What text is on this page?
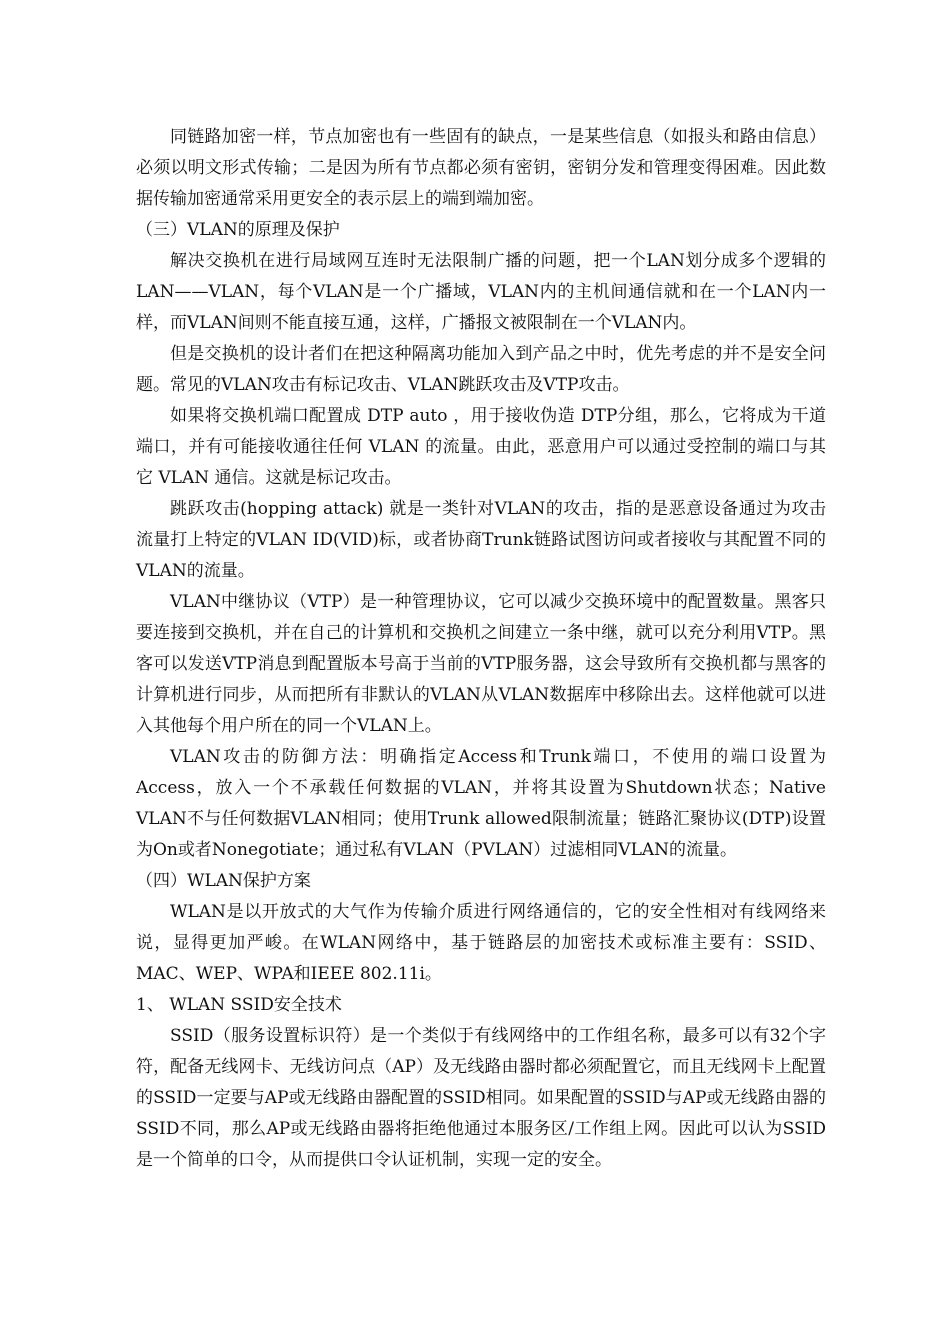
同链路加密一样，节点加密也有一些固有的缺点，一是某些信息（如报头和路由信息）必须以明文形式传输；二是因为所有节点都必须有密钥，密钥分发和管理变得困难。因此数据传输加密通常采用更安全的表示层上的端到端加密。

（三）VLAN的原理及保护

解决交换机在进行局域网互连时无法限制广播的问题，把一个LAN划分成多个逻辑的LAN——VLAN，每个VLAN是一个广播域，VLAN内的主机间通信就和在一个LAN内一样，而VLAN间则不能直接互通，这样，广播报文被限制在一个VLAN内。

但是交换机的设计者们在把这种隔离功能加入到产品之中时，优先考虑的并不是安全问题。常见的VLAN攻击有标记攻击、VLAN跳跃攻击及VTP攻击。

如果将交换机端口配置成 DTP auto ，用于接收伪造 DTP分组，那么，它将成为干道端口，并有可能接收通往任何 VLAN 的流量。由此，恶意用户可以通过受控制的端口与其它 VLAN 通信。这就是标记攻击。

跳跃攻击(hopping attack) 就是一类针对VLAN的攻击，指的是恶意设备通过为攻击流量打上特定的VLAN ID(VID)标，或者协商Trunk链路试图访问或者接收与其配置不同的VLAN的流量。

VLAN中继协议（VTP）是一种管理协议，它可以减少交换环境中的配置数量。黑客只要连接到交换机，并在自己的计算机和交换机之间建立一条中继，就可以充分利用VTP。黑客可以发送VTP消息到配置版本号高于当前的VTP服务器，这会导致所有交换机都与黑客的计算机进行同步，从而把所有非默认的VLAN从VLAN数据库中移除出去。这样他就可以进入其他每个用户所在的同一个VLAN上。

VLAN攻击的防御方法：明确指定Access和Trunk端口，不使用的端口设置为Access，放入一个不承载任何数据的VLAN，并将其设置为Shutdown状态；Native VLAN不与任何数据VLAN相同；使用Trunk allowed限制流量；链路汇聚协议(DTP)设置为On或者Nonegotiate；通过私有VLAN（PVLAN）过滤相同VLAN的流量。

（四）WLAN保护方案

WLAN是以开放式的大气作为传输介质进行网络通信的，它的安全性相对有线网络来说，显得更加严峻。在WLAN网络中，基于链路层的加密技术或标准主要有：SSID、MAC、WEP、WPA和IEEE 802.11i。

1、 WLAN SSID安全技术

SSID（服务设置标识符）是一个类似于有线网络中的工作组名称，最多可以有32个字符，配备无线网卡、无线访问点（AP）及无线路由器时都必须配置它，而且无线网卡上配置的SSID一定要与AP或无线路由器配置的SSID相同。如果配置的SSID与AP或无线路由器的SSID不同，那么AP或无线路由器将拒绝他通过本服务区/工作组上网。因此可以认为SSID是一个简单的口令，从而提供口令认证机制，实现一定的安全。
